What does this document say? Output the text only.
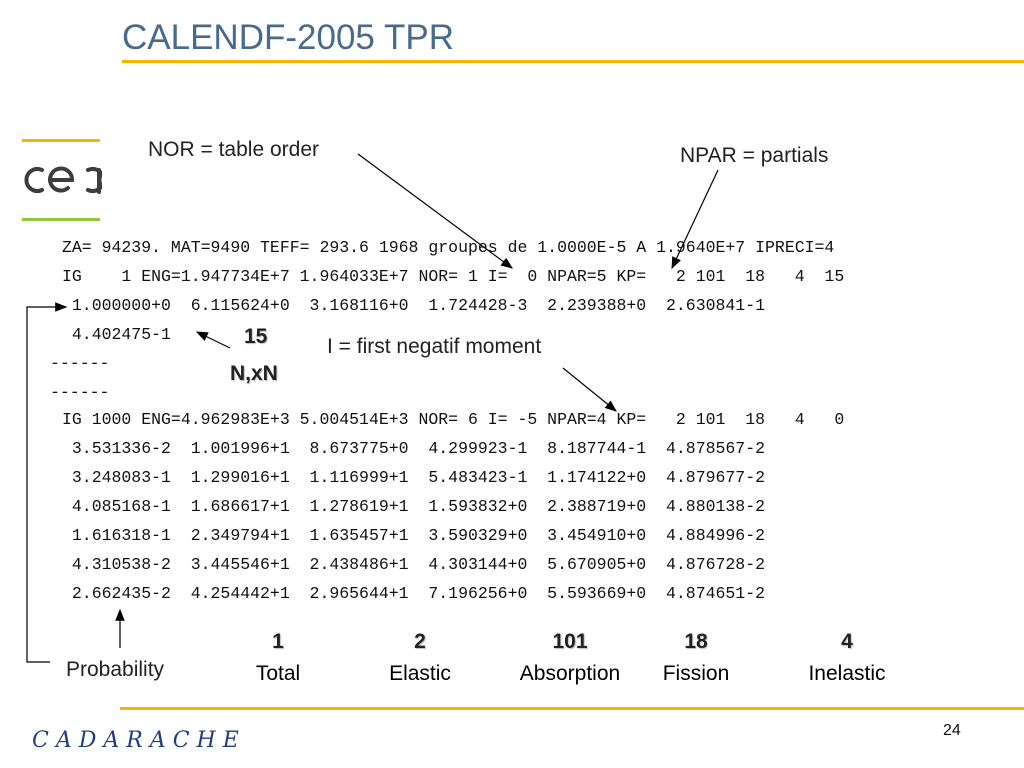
CALENDF-2005 TPR
NOR = table order	NPAR = partials
I = first negatif moment
15
N,xN
Probability
ZA= 94239. MAT=9490 TEFF= 293.6 1968 groupes de 1.0000E-5 A 1.9640E+7 IPRECI=4
IG    1 ENG=1.947734E+7 1.964033E+7 NOR= 1 I=  0 NPAR=5 KP=   2 101  18   4  15
1.000000+0  6.115624+0  3.168116+0  1.724428-3  2.239388+0  2.630841-1
4.402475-1
------
------
IG 1000 ENG=4.962983E+3 5.004514E+3 NOR= 6 I= -5 NPAR=4 KP=   2 101  18   4   0
3.531336-2  1.001996+1  8.673775+0  4.299923-1  8.187744-1  4.878567-2
3.248083-1  1.299016+1  1.116999+1  5.483423-1  1.174122+0  4.879677-2
4.085168-1  1.686617+1  1.278619+1  1.593832+0  2.388719+0  4.880138-2
1.616318-1  2.349794+1  1.635457+1  3.590329+0  3.454910+0  4.884996-2
4.310538-2  3.445546+1  2.438486+1  4.303144+0  5.670905+0  4.876728-2
2.662435-2  4.254442+1  2.965644+1  7.196256+0  5.593669+0  4.874651-2
1
Total
2
Elastic
101
Absorption
18
Fission
4
Inelastic
CADARACHE	24
